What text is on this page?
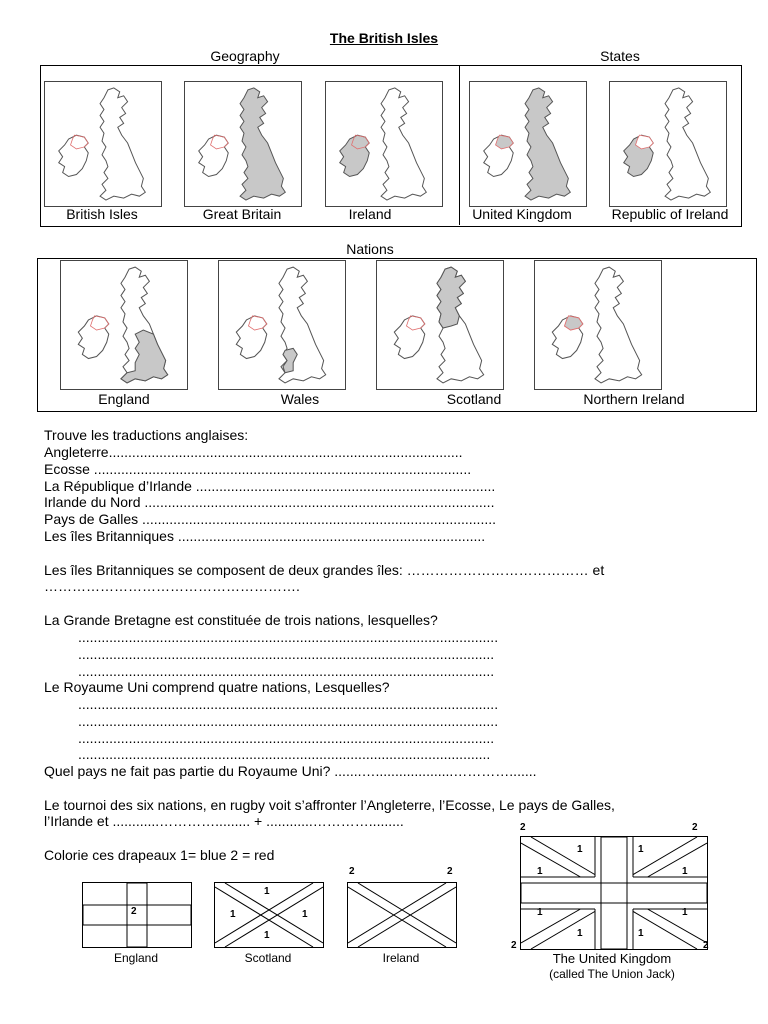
The British Isles
Geography	States
British Isles	Great Britain	Ireland	United Kingdom	Republic of Ireland
Nations
England	Wales	Scotland	Northern Ireland
Trouve les traductions anglaises:
Angleterre...........................................................................................
Ecosse .................................................................................................
La République d’Irlande .............................................................................
Irlande du Nord ..........................................................................................
Pays de Galles ...........................................................................................
Les îles Britanniques ...............................................................................
Les îles Britanniques se composent de deux grandes îles: ………………………………… et
……………………………………………….
La Grande Bretagne est constituée de trois nations, lesquelles?
............................................................................................................
...........................................................................................................
...........................................................................................................
Le Royaume Uni comprend quatre nations, Lesquelles?
............................................................................................................
............................................................................................................
...........................................................................................................
..........................................................................................................
Quel pays ne fait pas partie du Royaume Uni? .......…....................………….......
Le tournoi des six nations, en rugby voit s’affronter l’Angleterre, l’Ecosse, Le pays de Galles,
l’Irlande et ............…………......... + ............………….........
Colorie ces drapeaux 1= blue 2 = red
2
England
1
1	1
1
Scotland
2	2
Ireland
2	2
2	2
1
1
1
1
1
1
1
1
The United Kingdom
(called The Union Jack)
